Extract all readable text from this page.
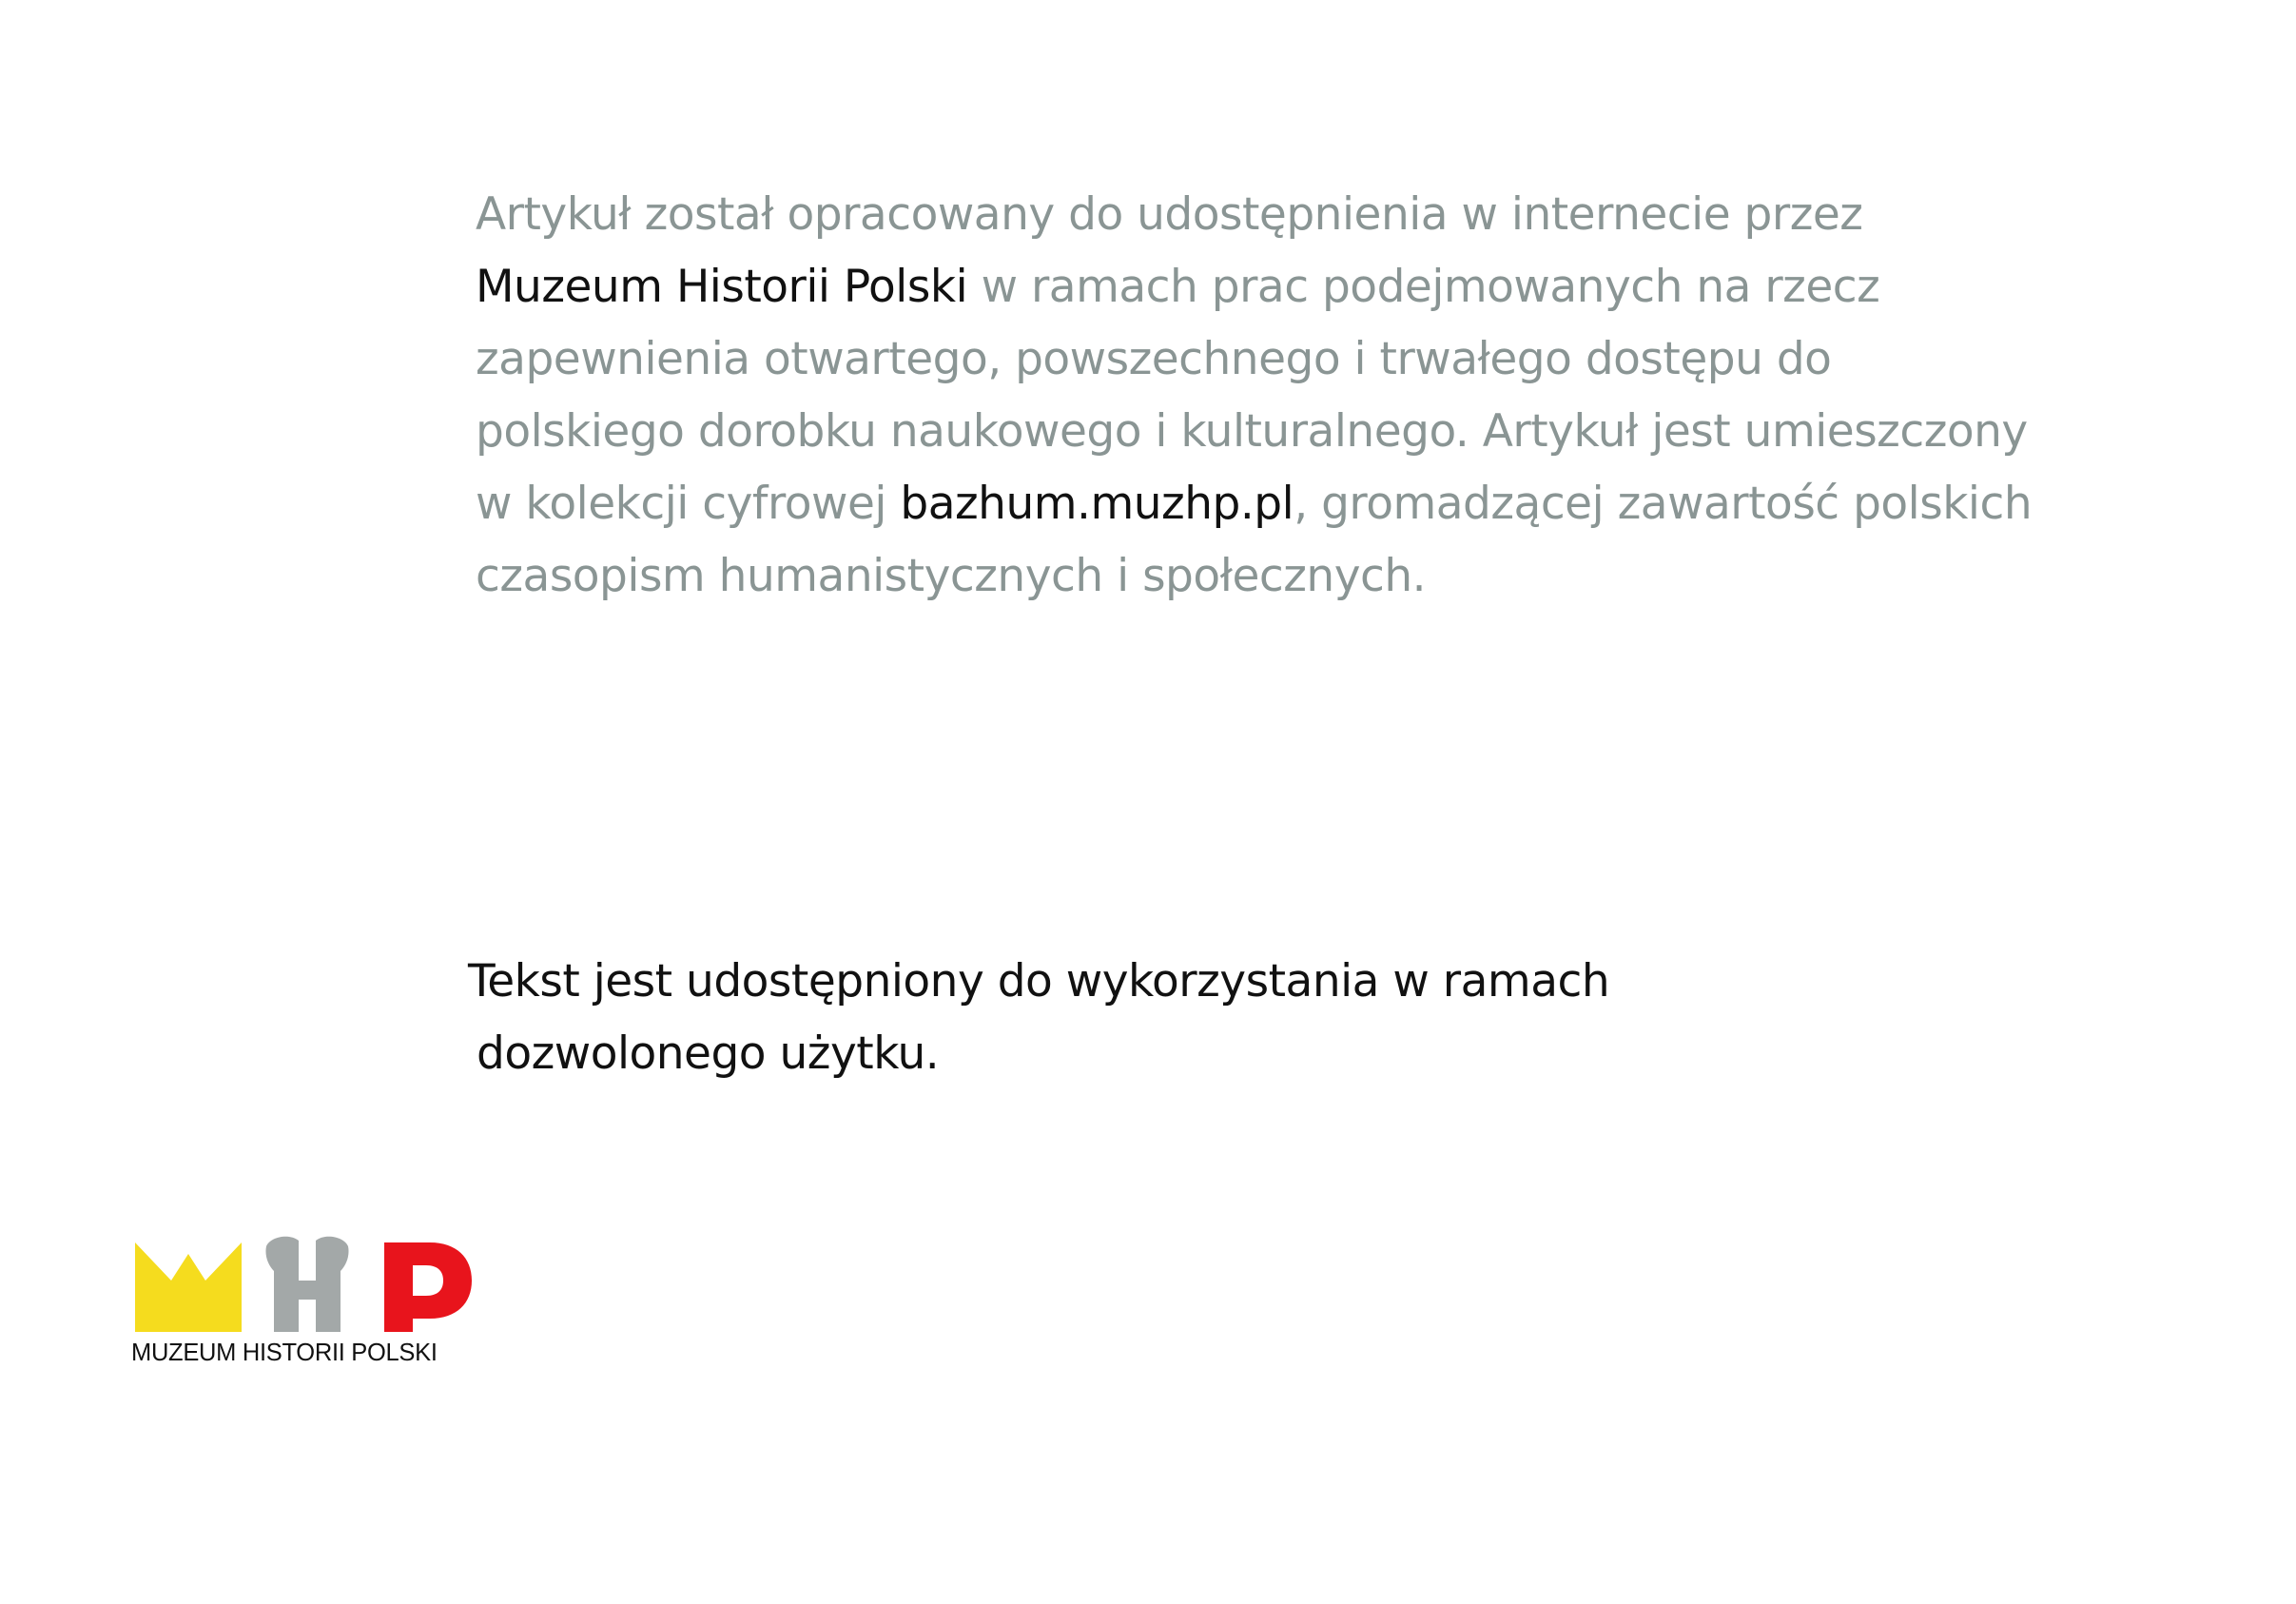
Artykuł został opracowany do udostępnienia w internecie przez
Muzeum Historii Polski w ramach prac podejmowanych na rzecz
zapewnienia otwartego, powszechnego i trwałego dostępu do
polskiego dorobku naukowego i kulturalnego. Artykuł jest umieszczony
w kolekcji cyfrowej bazhum.muzhp.pl, gromadzącej zawartość polskich
czasopism humanistycznych i społecznych.

Tekst jest udostępniony do wykorzystania w ramach
dozwolonego użytku.

MUZEUM HISTORII POLSKI
